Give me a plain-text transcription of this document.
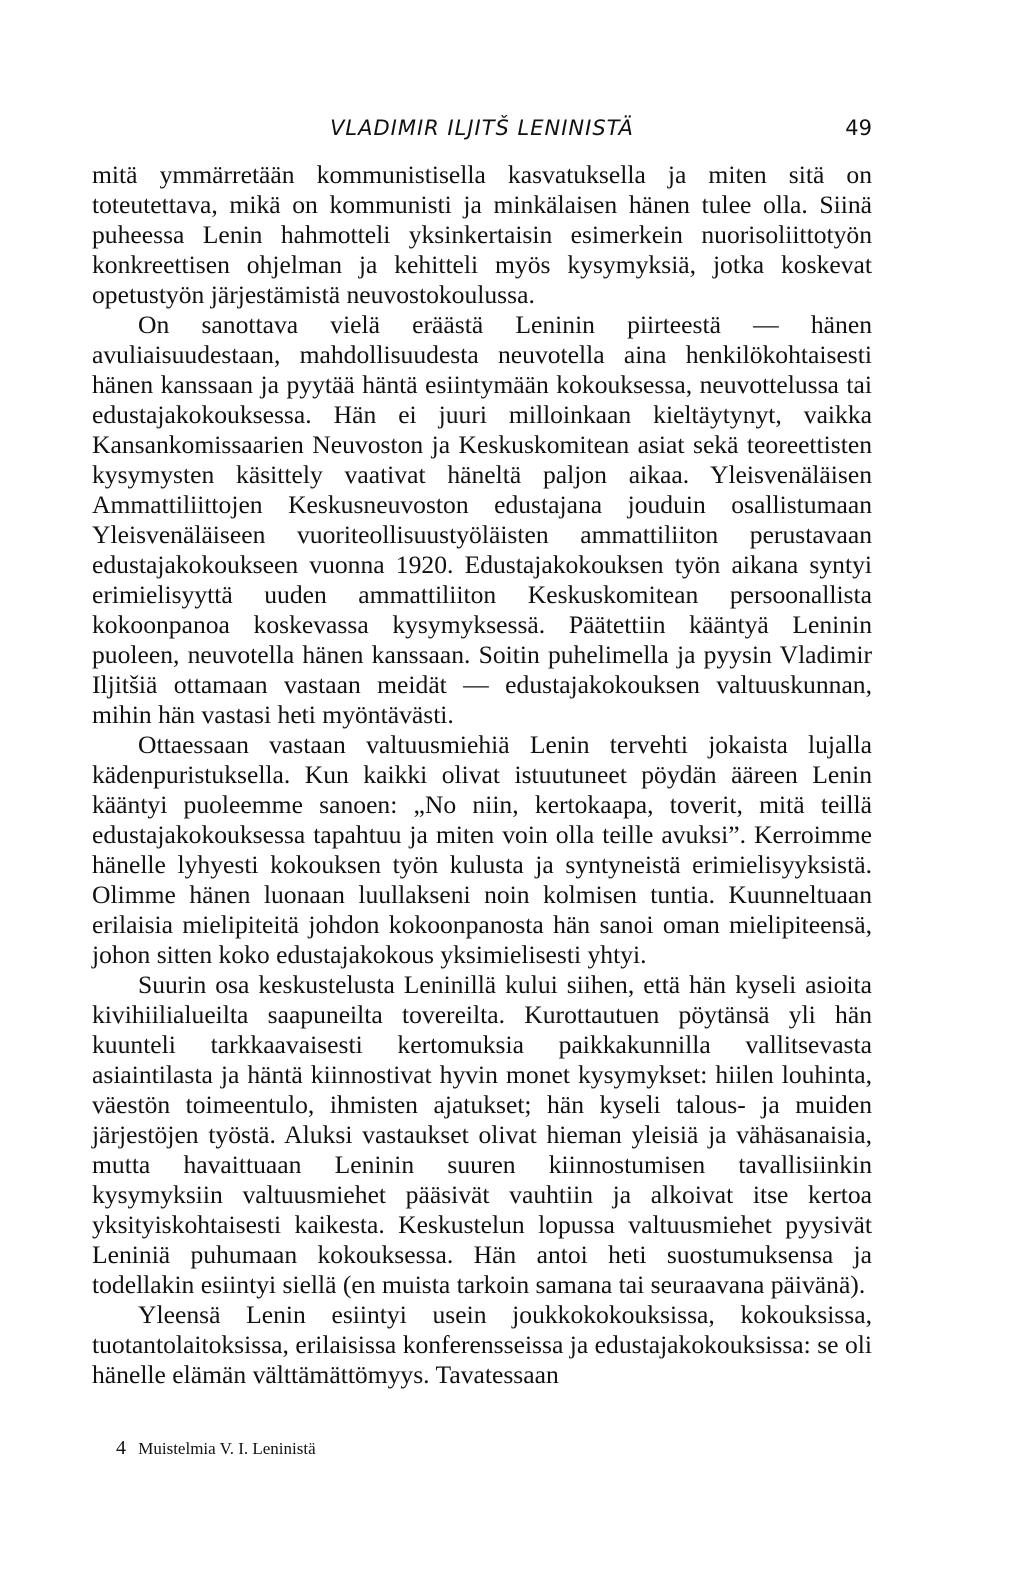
VLADIMIR ILJITŠ LENINISTÄ	49

mitä ymmärretään kommunistisella kasvatuksella ja miten sitä on toteutettava, mikä on kommunisti ja minkälaisen hänen tulee olla. Siinä puheessa Lenin hahmotteli yksinkertaisin esimerkein nuorisoliittotyön konkreettisen ohjelman ja kehitteli myös kysymyksiä, jotka koskevat opetustyön järjestämistä neuvostokoulussa.

On sanottava vielä eräästä Leninin piirteestä — hänen avuliaisuudestaan, mahdollisuudesta neuvotella aina henkilökohtaisesti hänen kanssaan ja pyytää häntä esiintymään kokouksessa, neuvottelussa tai edustajakokouksessa. Hän ei juuri milloinkaan kieltäytynyt, vaikka Kansankomissaarien Neuvoston ja Keskuskomitean asiat sekä teoreettisten kysymysten käsittely vaativat häneltä paljon aikaa. Yleisvenäläisen Ammattiliittojen Keskusneuvoston edustajana jouduin osallistumaan Yleisvenäläiseen vuoriteollisuustyöläisten ammattiliiton perustavaan edustajakokoukseen vuonna 1920. Edustajakokouksen työn aikana syntyi erimielisyyttä uuden ammattiliiton Keskuskomitean persoonallista kokoonpanoa koskevassa kysymyksessä. Päätettiin kääntyä Leninin puoleen, neuvotella hänen kanssaan. Soitin puhelimella ja pyysin Vladimir Iljitšiä ottamaan vastaan meidät — edustajakokouksen valtuuskunnan, mihin hän vastasi heti myöntävästi.

Ottaessaan vastaan valtuusmiehiä Lenin tervehti jokaista lujalla kädenpuristuksella. Kun kaikki olivat istuutuneet pöydän ääreen Lenin kääntyi puoleemme sanoen: „No niin, kertokaapa, toverit, mitä teillä edustajakokouksessa tapahtuu ja miten voin olla teille avuksi”. Kerroimme hänelle lyhyesti kokouksen työn kulusta ja syntyneistä erimielisyyksistä. Olimme hänen luonaan luullakseni noin kolmisen tuntia. Kuunneltuaan erilaisia mielipiteitä johdon kokoonpanosta hän sanoi oman mielipiteensä, johon sitten koko edustajakokous yksimielisesti yhtyi.

Suurin osa keskustelusta Leninillä kului siihen, että hän kyseli asioita kivihiilialueilta saapuneilta tovereilta. Kurottautuen pöytänsä yli hän kuunteli tarkkaavaisesti kertomuksia paikkakunnilla vallitsevasta asiaintilasta ja häntä kiinnostivat hyvin monet kysymykset: hiilen louhinta, väestön toimeentulo, ihmisten ajatukset; hän kyseli talous- ja muiden järjestöjen työstä. Aluksi vastaukset olivat hieman yleisiä ja vähäsanaisia, mutta havaittuaan Leninin suuren kiinnostumisen tavallisiinkin kysymyksiin valtuusmiehet pääsivät vauhtiin ja alkoivat itse kertoa yksityiskohtaisesti kaikesta. Keskustelun lopussa valtuusmiehet pyysivät Leniniä puhumaan kokouksessa. Hän antoi heti suostumuksensa ja todellakin esiintyi siellä (en muista tarkoin samana tai seuraavana päivänä).

Yleensä Lenin esiintyi usein joukkokokouksissa, kokouksissa, tuotantolaitoksissa, erilaisissa konferensseissa ja edustajakokouksissa: se oli hänelle elämän välttämättömyys. Tavatessaan

4 Muistelmia V. I. Leninistä
